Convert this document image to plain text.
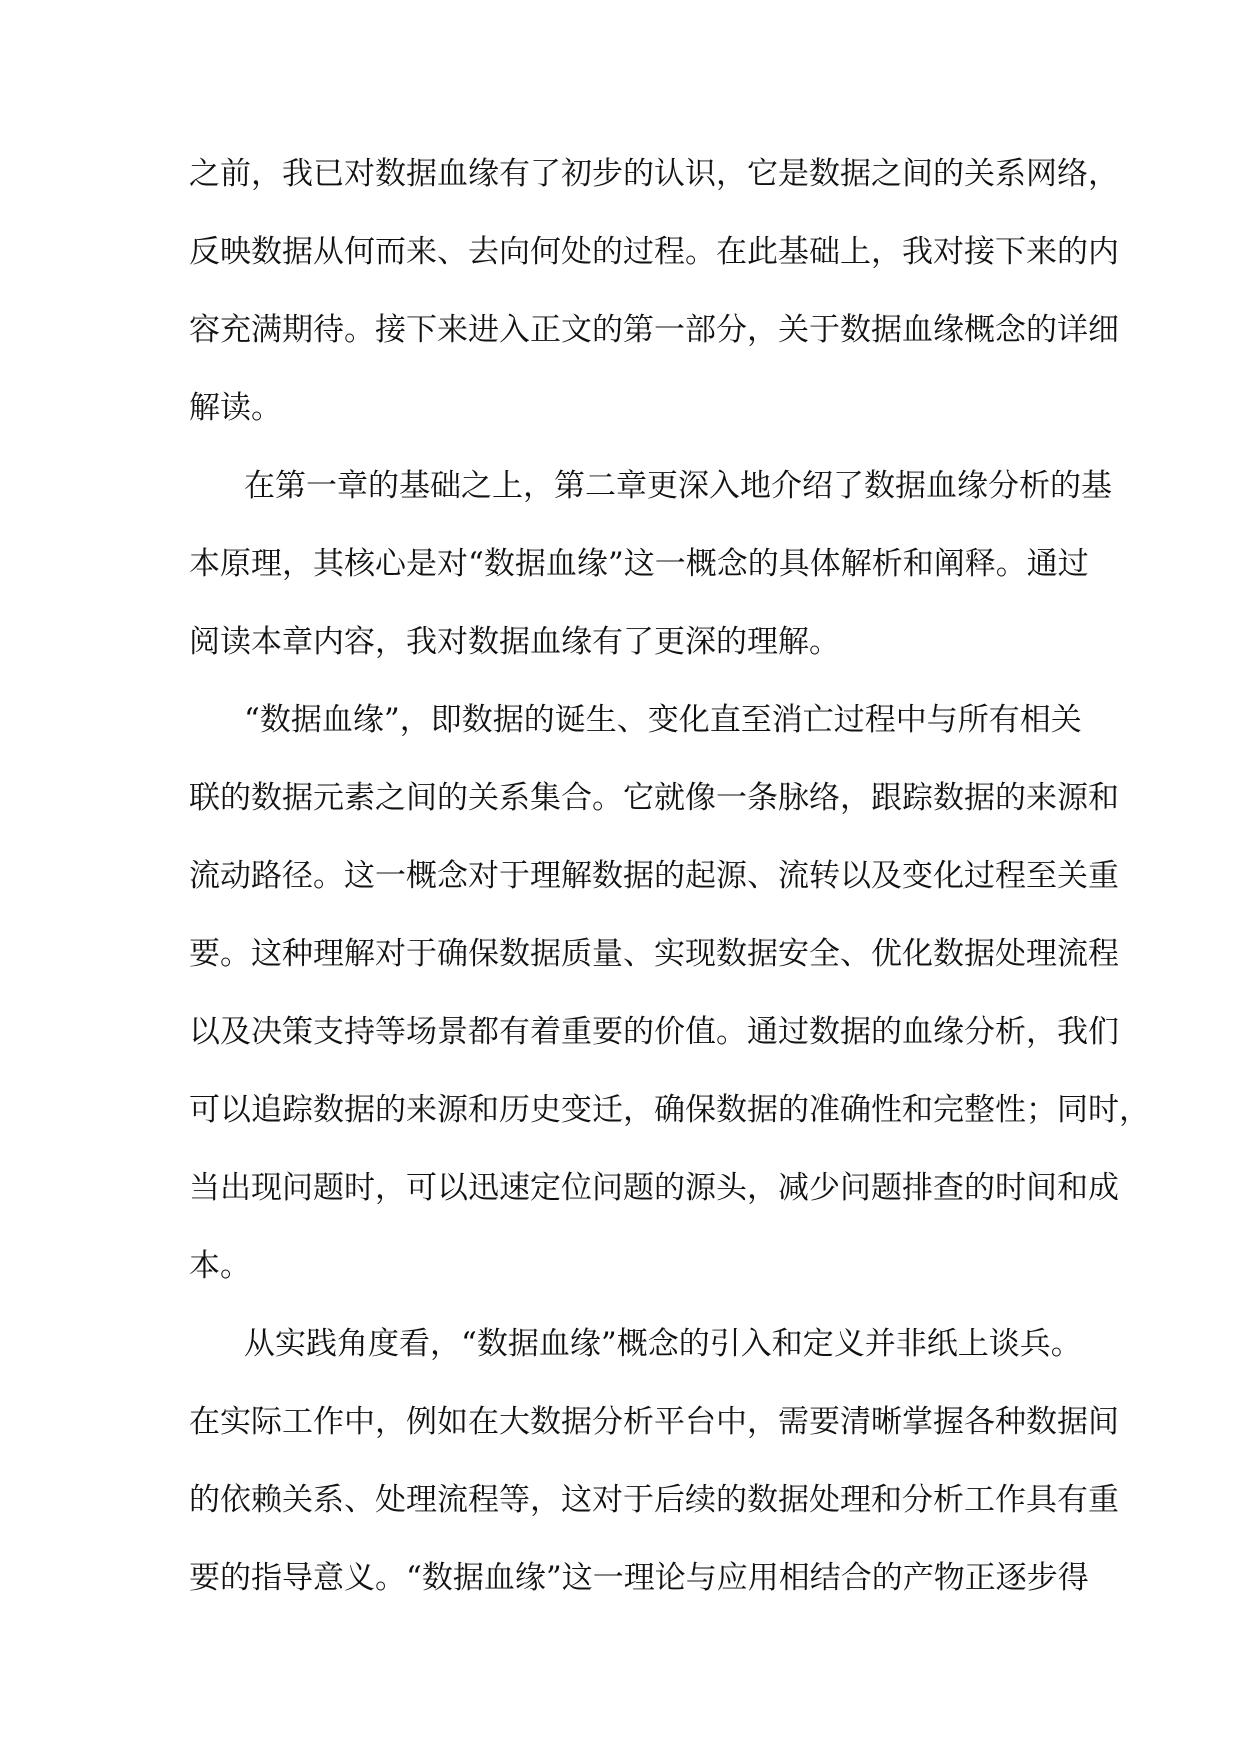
之前，我已对数据血缘有了初步的认识，它是数据之间的关系网络，
反映数据从何而来、去向何处的过程。在此基础上，我对接下来的内
容充满期待。接下来进入正文的第一部分，关于数据血缘概念的详细
解读。
在第一章的基础之上，第二章更深入地介绍了数据血缘分析的基
本原理，其核心是对“数据血缘”这一概念的具体解析和阐释。通过
阅读本章内容，我对数据血缘有了更深的理解。
“数据血缘”，即数据的诞生、变化直至消亡过程中与所有相关
联的数据元素之间的关系集合。它就像一条脉络，跟踪数据的来源和
流动路径。这一概念对于理解数据的起源、流转以及变化过程至关重
要。这种理解对于确保数据质量、实现数据安全、优化数据处理流程
以及决策支持等场景都有着重要的价值。通过数据的血缘分析，我们
可以追踪数据的来源和历史变迁，确保数据的准确性和完整性；同时，
当出现问题时，可以迅速定位问题的源头，减少问题排查的时间和成
本。
从实践角度看，“数据血缘”概念的引入和定义并非纸上谈兵。
在实际工作中，例如在大数据分析平台中，需要清晰掌握各种数据间
的依赖关系、处理流程等，这对于后续的数据处理和分析工作具有重
要的指导意义。“数据血缘”这一理论与应用相结合的产物正逐步得
